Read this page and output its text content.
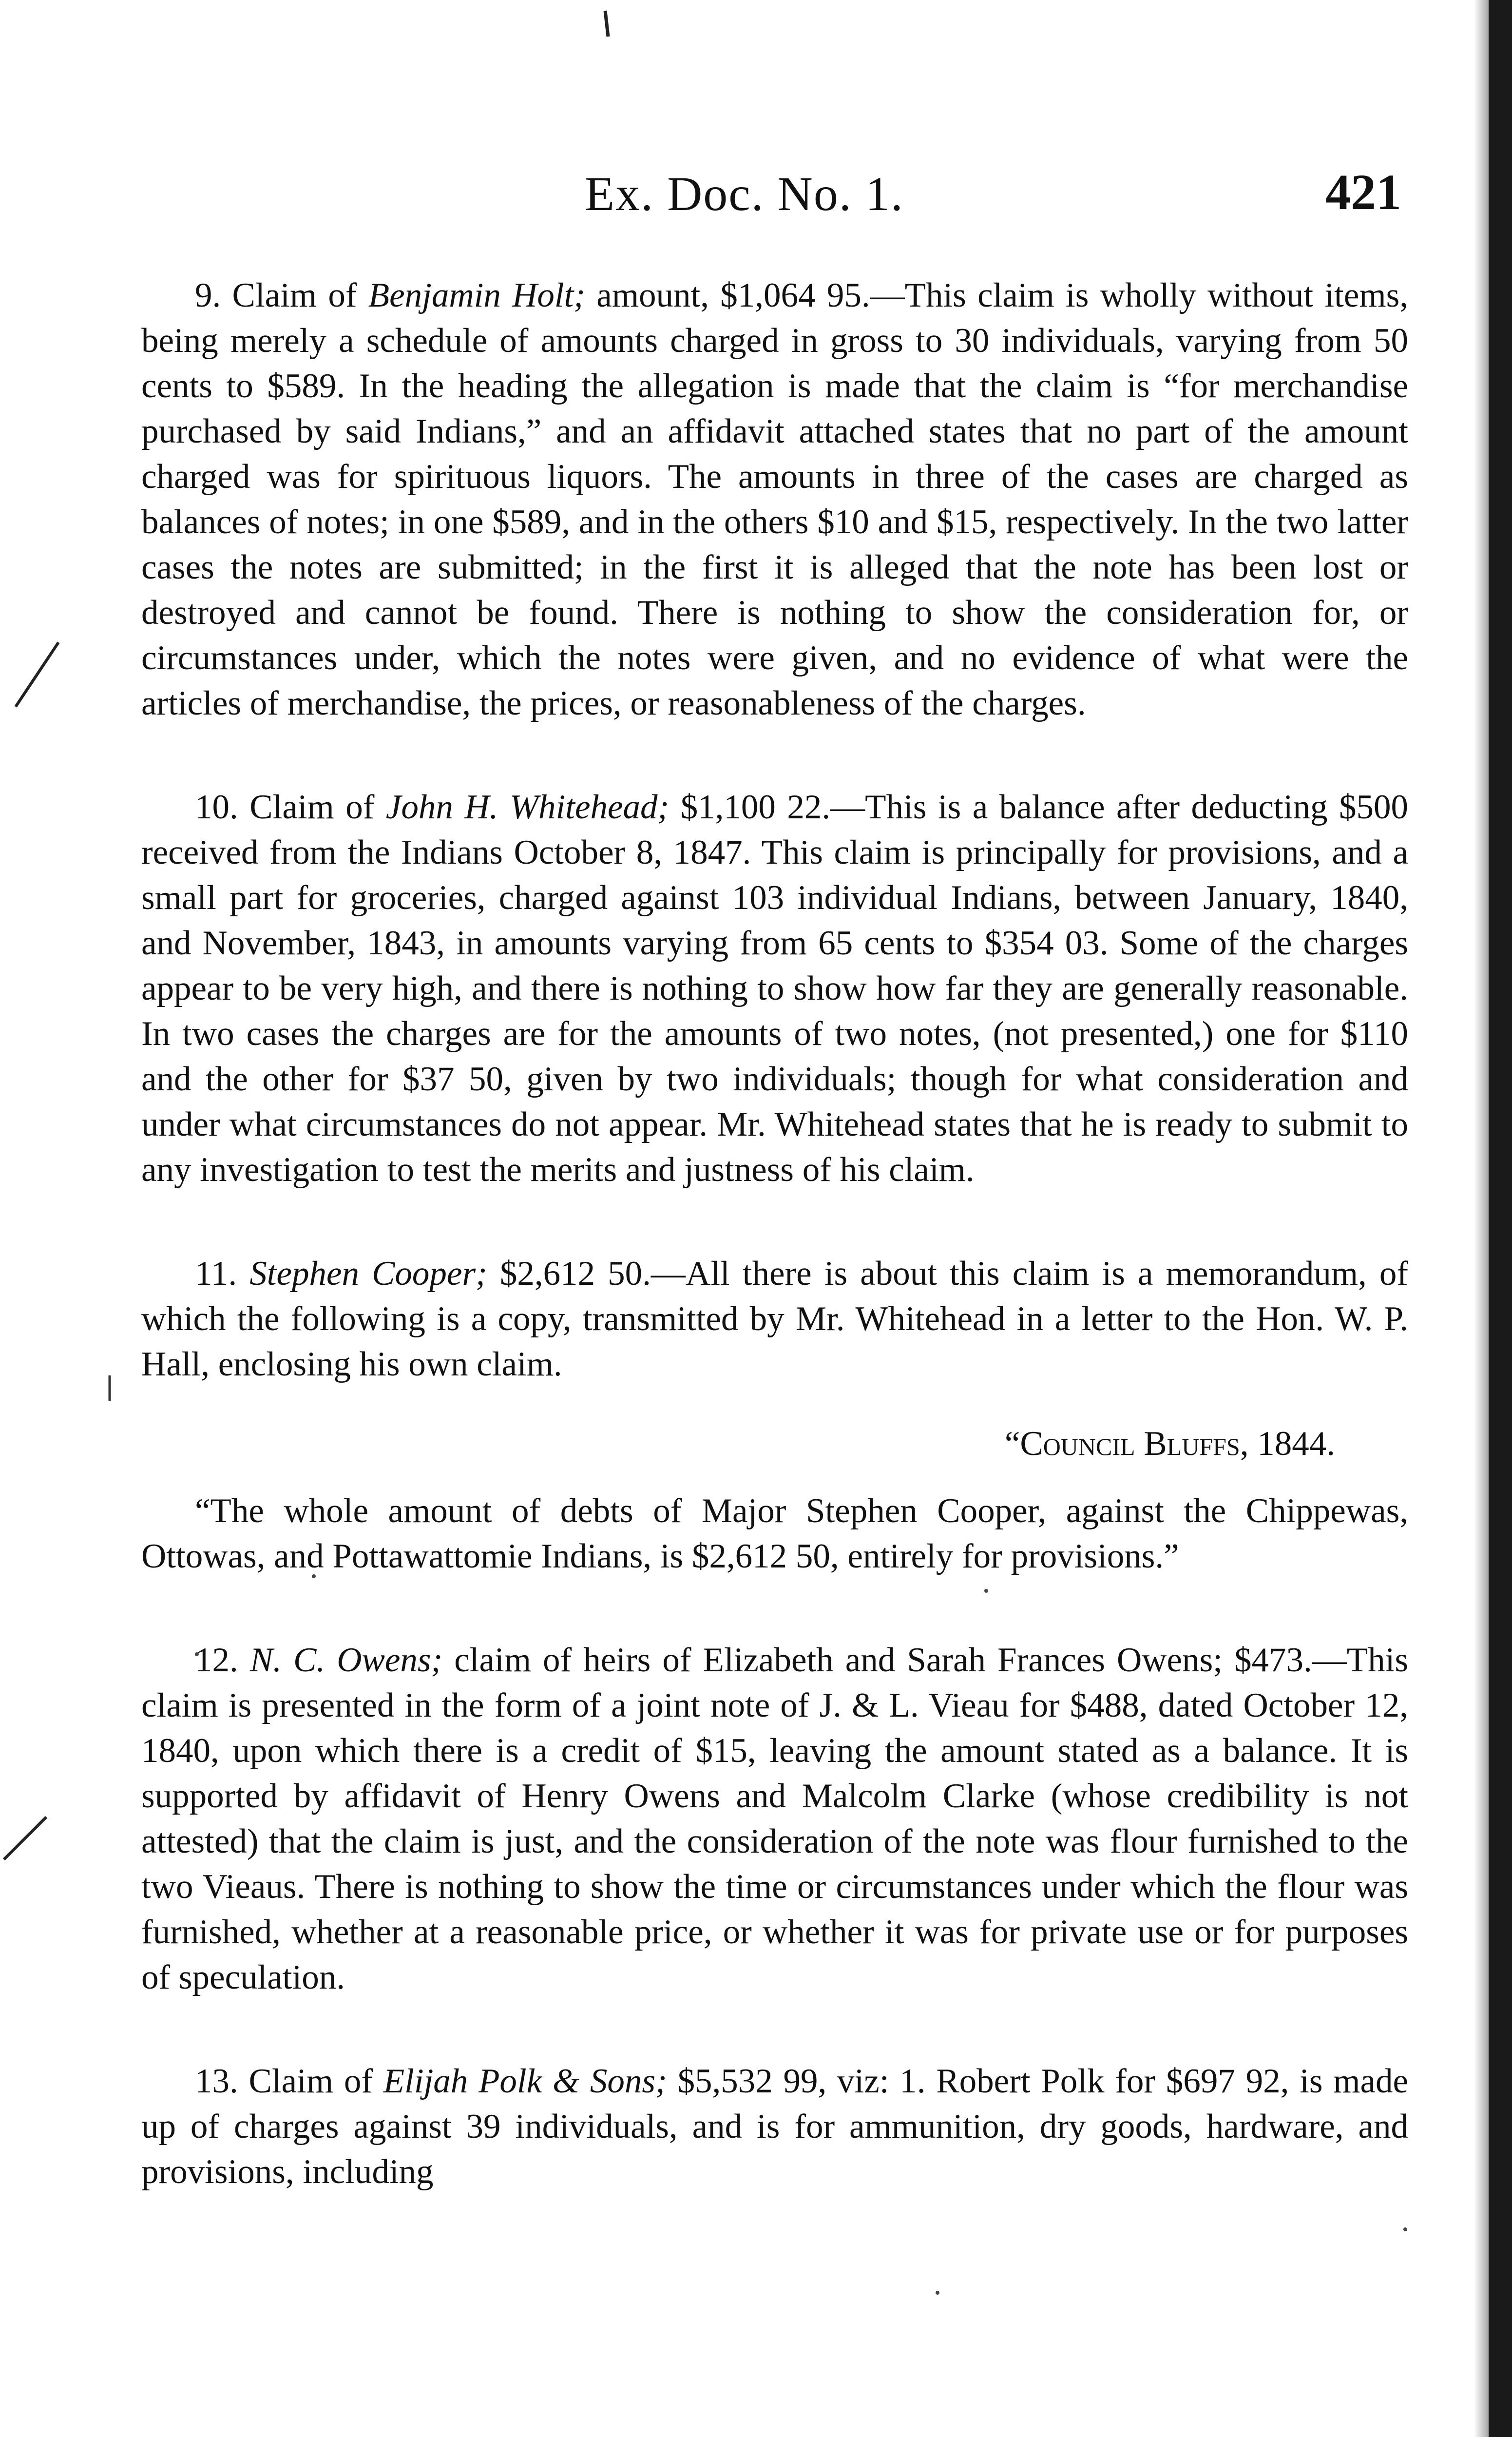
Ex. Doc. No. 1.	421

9. Claim of Benjamin Holt; amount, $1,064 95.—This claim is wholly without items, being merely a schedule of amounts charged in gross to 30 individuals, varying from 50 cents to $589. In the heading the allegation is made that the claim is “for merchandise purchased by said Indians,” and an affidavit attached states that no part of the amount charged was for spirituous liquors. The amounts in three of the cases are charged as balances of notes; in one $589, and in the others $10 and $15, respectively. In the two latter cases the notes are submitted; in the first it is alleged that the note has been lost or destroyed and cannot be found. There is nothing to show the consideration for, or circumstances under, which the notes were given, and no evidence of what were the articles of merchandise, the prices, or reasonableness of the charges.

10. Claim of John H. Whitehead; $1,100 22.—This is a balance after deducting $500 received from the Indians October 8, 1847. This claim is principally for provisions, and a small part for groceries, charged against 103 individual Indians, between January, 1840, and November, 1843, in amounts varying from 65 cents to $354 03. Some of the charges appear to be very high, and there is nothing to show how far they are generally reasonable. In two cases the charges are for the amounts of two notes, (not presented,) one for $110 and the other for $37 50, given by two individuals; though for what consideration and under what circumstances do not appear. Mr. Whitehead states that he is ready to submit to any investigation to test the merits and justness of his claim.

11. Stephen Cooper; $2,612 50.—All there is about this claim is a memorandum, of which the following is a copy, transmitted by Mr. Whitehead in a letter to the Hon. W. P. Hall, enclosing his own claim.

“Council Bluffs, 1844.

“The whole amount of debts of Major Stephen Cooper, against the Chippewas, Ottowas, and Pottawattomie Indians, is $2,612 50, entirely for provisions.”

12. N. C. Owens; claim of heirs of Elizabeth and Sarah Frances Owens; $473.—This claim is presented in the form of a joint note of J. & L. Vieau for $488, dated October 12, 1840, upon which there is a credit of $15, leaving the amount stated as a balance. It is supported by affidavit of Henry Owens and Malcolm Clarke (whose credibility is not attested) that the claim is just, and the consideration of the note was flour furnished to the two Vieaus. There is nothing to show the time or circumstances under which the flour was furnished, whether at a reasonable price, or whether it was for private use or for purposes of speculation.

13. Claim of Elijah Polk & Sons; $5,532 99, viz: 1. Robert Polk for $697 92, is made up of charges against 39 individuals, and is for ammunition, dry goods, hardware, and provisions, including
